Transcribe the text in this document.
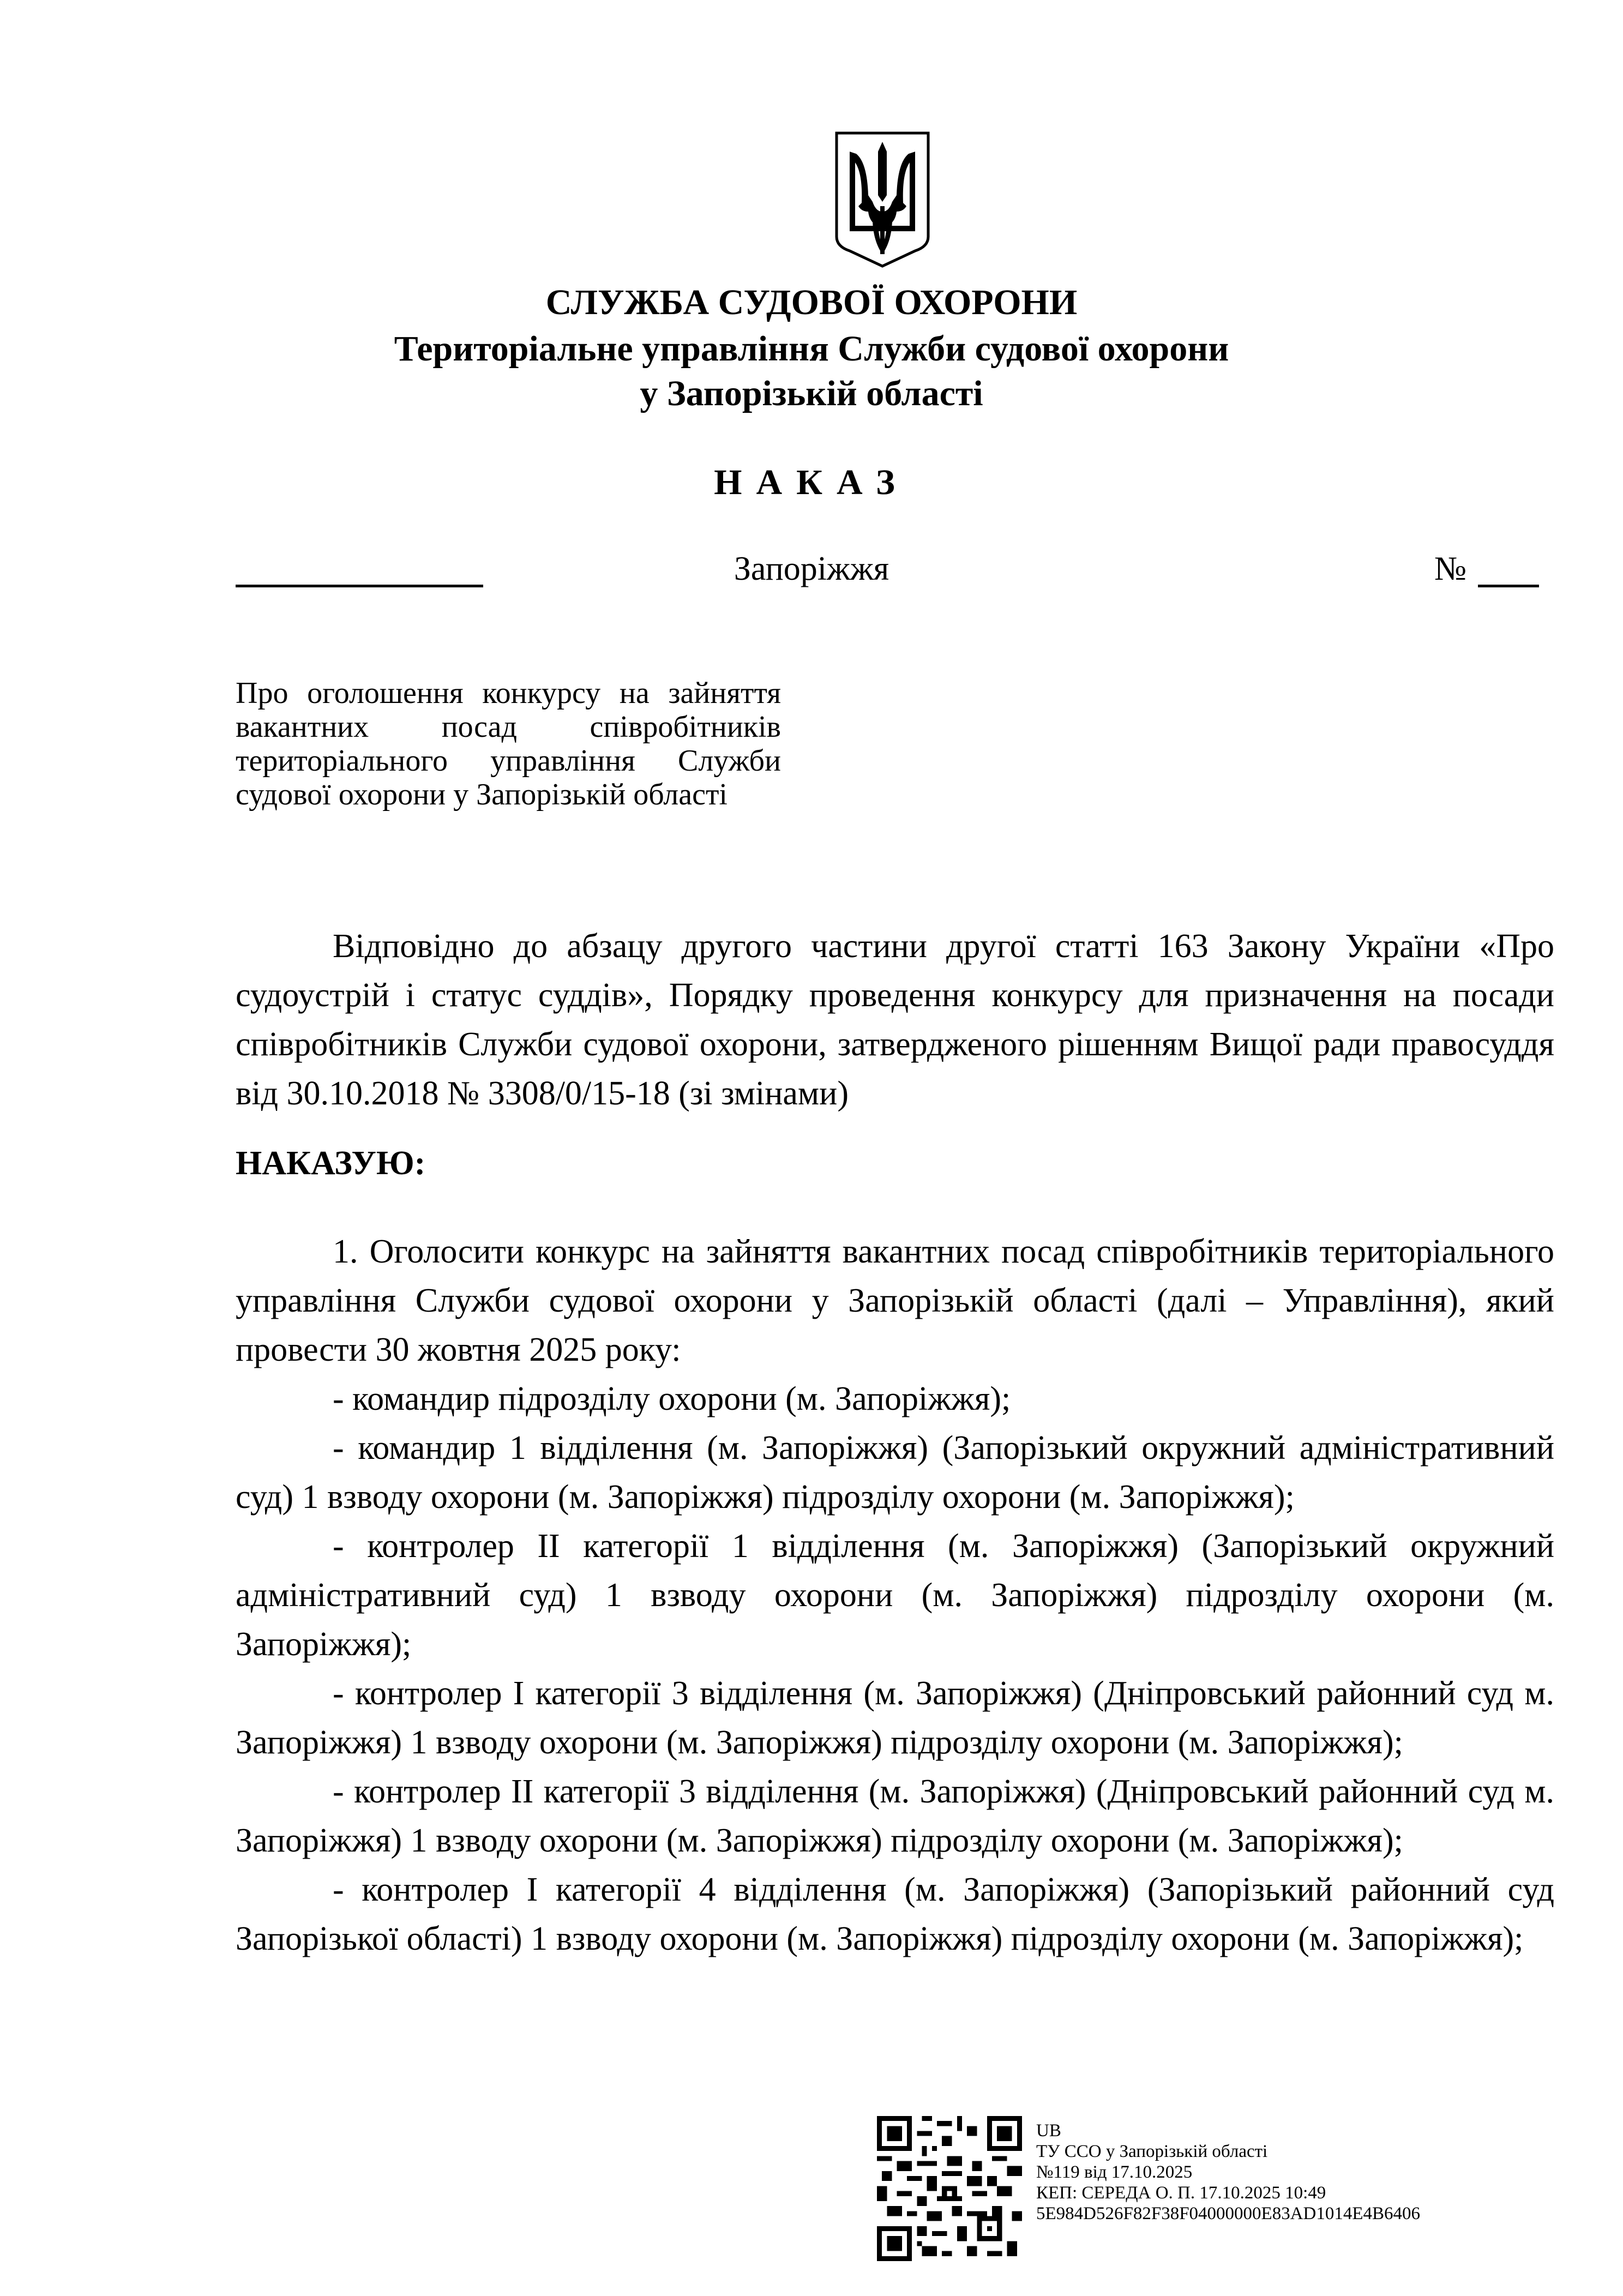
СЛУЖБА СУДОВОЇ ОХОРОНИ
Територіальне управління Служби судової охорони
у Запорізькій області
НАКАЗ
Запоріжжя	№
Про оголошення конкурсу на зайняття вакантних посад співробітників територіального управління Служби судової охорони у Запорізькій області

Відповідно до абзацу другого частини другої статті 163 Закону України «Про судоустрій і статус суддів», Порядку проведення конкурсу для призначення на посади співробітників Служби судової охорони, затвердженого рішенням Вищої ради правосуддя від 30.10.2018 № 3308/0/15-18 (зі змінами)

НАКАЗУЮ:

1. Оголосити конкурс на зайняття вакантних посад співробітників територіального управління Служби судової охорони у Запорізькій області (далі – Управління), який провести 30 жовтня 2025 року:

- командир підрозділу охорони (м. Запоріжжя);

- командир 1 відділення (м. Запоріжжя) (Запорізький окружний адміністративний суд) 1 взводу охорони (м. Запоріжжя) підрозділу охорони (м. Запоріжжя);

- контролер ІІ категорії 1 відділення (м. Запоріжжя) (Запорізький окружний адміністративний суд) 1 взводу охорони (м. Запоріжжя) підрозділу охорони (м. Запоріжжя);

- контролер І категорії 3 відділення (м. Запоріжжя) (Дніпровський районний суд м. Запоріжжя) 1 взводу охорони (м. Запоріжжя) підрозділу охорони (м. Запоріжжя);

- контролер ІІ категорії 3 відділення (м. Запоріжжя) (Дніпровський районний суд м. Запоріжжя) 1 взводу охорони (м. Запоріжжя) підрозділу охорони (м. Запоріжжя);

- контролер І категорії 4 відділення (м. Запоріжжя) (Запорізький районний суд Запорізької області) 1 взводу охорони (м. Запоріжжя) підрозділу охорони (м. Запоріжжя);

UB
ТУ ССО у Запорізькій області
№119 від 17.10.2025
КЕП: СЕРЕДА О. П. 17.10.2025 10:49
5E984D526F82F38F04000000E83AD1014E4B6406
